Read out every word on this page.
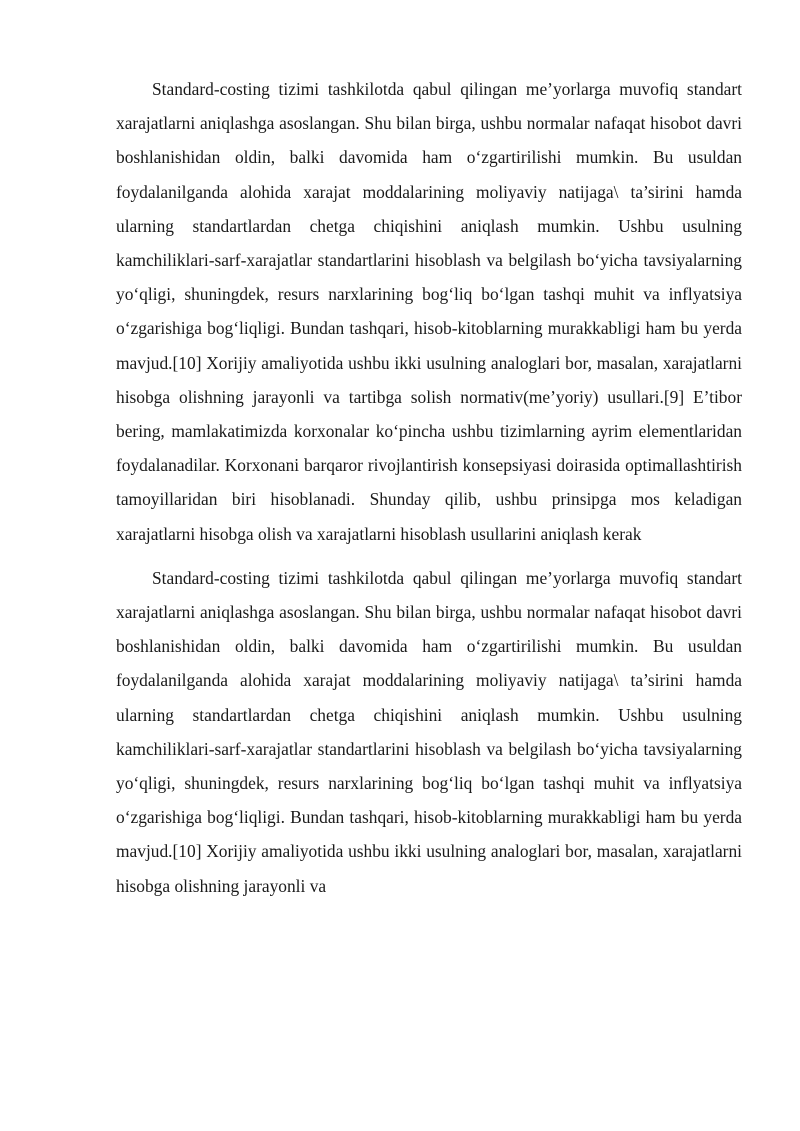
Standard-costing tizimi tashkilotda qabul qilingan me’yorlarga muvofiq standart xarajatlarni aniqlashga asoslangan. Shu bilan birga, ushbu normalar nafaqat hisobot davri boshlanishidan oldin, balki davomida ham o‘zgartirilishi mumkin. Bu usuldan foydalanilganda alohida xarajat moddalarining moliyaviy natijaga\ ta’sirini hamda ularning standartlardan chetga chiqishini aniqlash mumkin. Ushbu usulning kamchiliklari-sarf-xarajatlar standartlarini hisoblash va belgilash bo‘yicha tavsiyalarning yo‘qligi, shuningdek, resurs narxlarining bog‘liq bo‘lgan tashqi muhit va inflyatsiya o‘zgarishiga bog‘liqligi. Bundan tashqari, hisob-kitoblarning murakkabligi ham bu yerda mavjud.[10] Xorijiy amaliyotida ushbu ikki usulning analoglari bor, masalan, xarajatlarni hisobga olishning jarayonli va tartibga solish normativ(me’yoriy) usullari.[9] E’tibor bering, mamlakatimizda korxonalar ko‘pincha ushbu tizimlarning ayrim elementlaridan foydalanadilar. Korxonani barqaror rivojlantirish konsepsiyasi doirasida optimallashtirish tamoyillaridan biri hisoblanadi. Shunday qilib, ushbu prinsipga mos keladigan xarajatlarni hisobga olish va xarajatlarni hisoblash usullarini aniqlash kerak

Standard-costing tizimi tashkilotda qabul qilingan me’yorlarga muvofiq standart xarajatlarni aniqlashga asoslangan. Shu bilan birga, ushbu normalar nafaqat hisobot davri boshlanishidan oldin, balki davomida ham o‘zgartirilishi mumkin. Bu usuldan foydalanilganda alohida xarajat moddalarining moliyaviy natijaga\ ta’sirini hamda ularning standartlardan chetga chiqishini aniqlash mumkin. Ushbu usulning kamchiliklari-sarf-xarajatlar standartlarini hisoblash va belgilash bo‘yicha tavsiyalarning yo‘qligi, shuningdek, resurs narxlarining bog‘liq bo‘lgan tashqi muhit va inflyatsiya o‘zgarishiga bog‘liqligi. Bundan tashqari, hisob-kitoblarning murakkabligi ham bu yerda mavjud.[10] Xorijiy amaliyotida ushbu ikki usulning analoglari bor, masalan, xarajatlarni hisobga olishning jarayonli va
